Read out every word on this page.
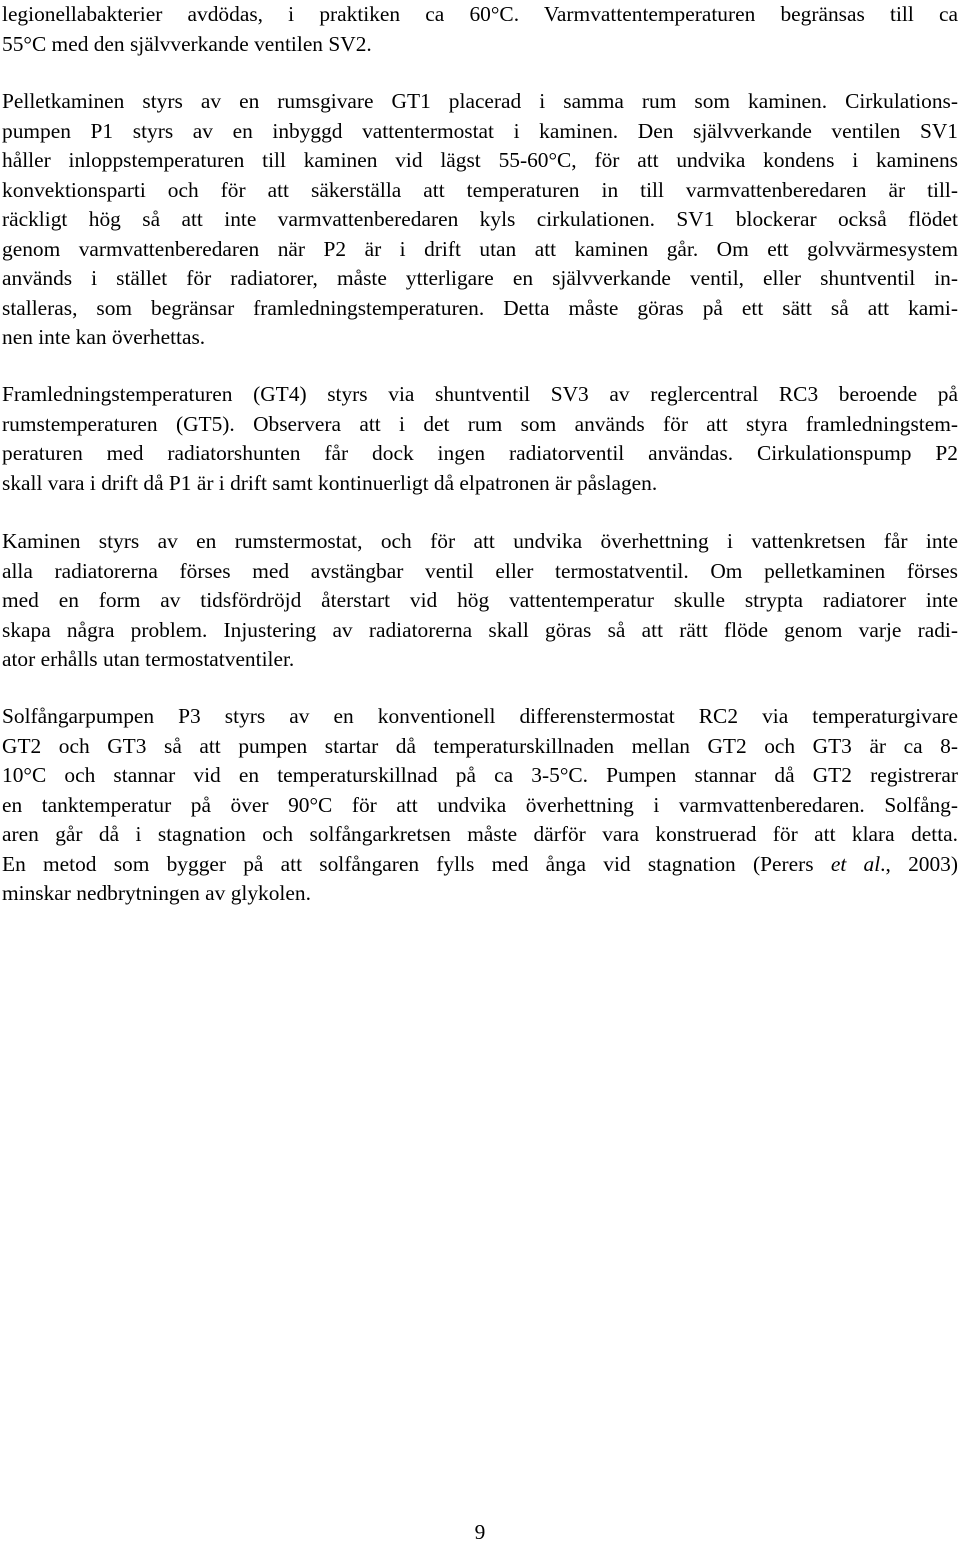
legionellabakterier avdödas, i praktiken ca 60°C. Varmvattentemperaturen begränsas till ca
55°C med den självverkande ventilen SV2.
Pelletkaminen styrs av en rumsgivare GT1 placerad i samma rum som kaminen. Cirkulations-
pumpen P1 styrs av en inbyggd vattentermostat i kaminen. Den självverkande ventilen SV1
håller inloppstemperaturen till kaminen vid lägst 55-60°C, för att undvika kondens i kaminens
konvektionsparti och för att säkerställa att temperaturen in till varmvattenberedaren är till-
räckligt hög så att inte varmvattenberedaren kyls cirkulationen. SV1 blockerar också flödet
genom varmvattenberedaren när P2 är i drift utan att kaminen går. Om ett golvvärmesystem
används i stället för radiatorer, måste ytterligare en självverkande ventil, eller shuntventil in-
stalleras, som begränsar framledningstemperaturen. Detta måste göras på ett sätt så att kami-
nen inte kan överhettas.
Framledningstemperaturen (GT4) styrs via shuntventil SV3 av reglercentral RC3 beroende på
rumstemperaturen (GT5). Observera att i det rum som används för att styra framledningstem-
peraturen med radiatorshunten får dock ingen radiatorventil användas. Cirkulationspump P2
skall vara i drift då P1 är i drift samt kontinuerligt då elpatronen är påslagen.
Kaminen styrs av en rumstermostat, och för att undvika överhettning i vattenkretsen får inte
alla radiatorerna förses med avstängbar ventil eller termostatventil. Om pelletkaminen förses
med en form av tidsfördröjd återstart vid hög vattentemperatur skulle strypta radiatorer inte
skapa några problem. Injustering av radiatorerna skall göras så att rätt flöde genom varje radi-
ator erhålls utan termostatventiler.
Solfångarpumpen P3 styrs av en konventionell differenstermostat RC2 via temperaturgivare
GT2 och GT3 så att pumpen startar då temperaturskillnaden mellan GT2 och GT3 är ca 8-
10°C och stannar vid en temperaturskillnad på ca 3-5°C. Pumpen stannar då GT2 registrerar
en tanktemperatur på över 90°C för att undvika överhettning i varmvattenberedaren. Solfång-
aren går då i stagnation och solfångarkretsen måste därför vara konstruerad för att klara detta.
En metod som bygger på att solfångaren fylls med ånga vid stagnation (Perers et al., 2003)
minskar nedbrytningen av glykolen.
9
